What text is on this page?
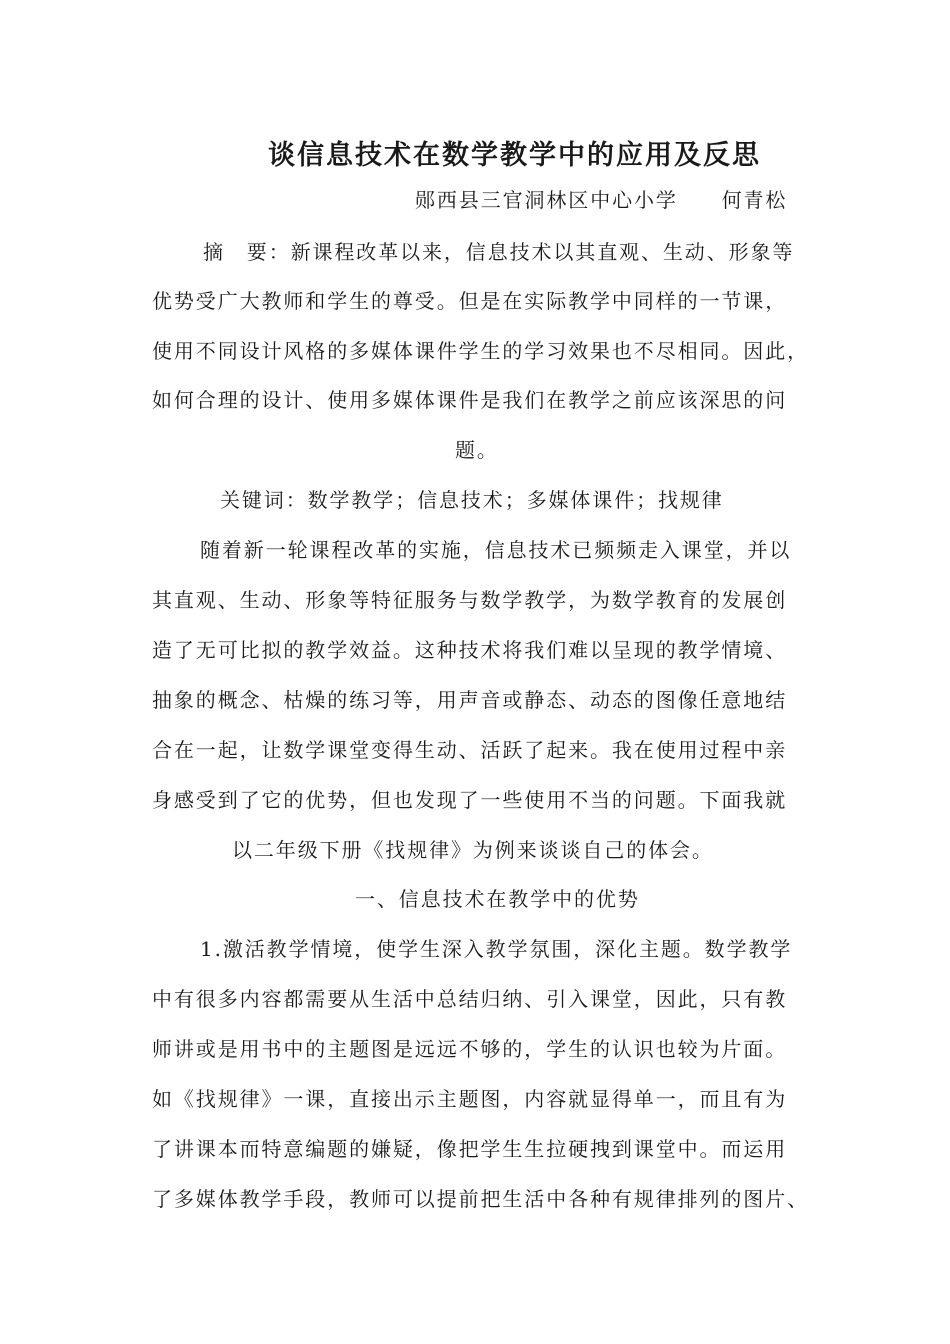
谈信息技术在数学教学中的应用及反思
郧西县三官洞林区中心小学　　何青松
摘　要：新课程改革以来，信息技术以其直观、生动、形象等
优势受广大教师和学生的尊受。但是在实际教学中同样的一节课，
使用不同设计风格的多媒体课件学生的学习效果也不尽相同。因此，
如何合理的设计、使用多媒体课件是我们在教学之前应该深思的问
题。
关键词：数学教学；信息技术；多媒体课件；找规律
随着新一轮课程改革的实施，信息技术已频频走入课堂，并以
其直观、生动、形象等特征服务与数学教学，为数学教育的发展创
造了无可比拟的教学效益。这种技术将我们难以呈现的教学情境、
抽象的概念、枯燥的练习等，用声音或静态、动态的图像任意地结
合在一起，让数学课堂变得生动、活跃了起来。我在使用过程中亲
身感受到了它的优势，但也发现了一些使用不当的问题。下面我就
以二年级下册《找规律》为例来谈谈自己的体会。
一、信息技术在教学中的优势
1.激活教学情境，使学生深入教学氛围，深化主题。数学教学
中有很多内容都需要从生活中总结归纳、引入课堂，因此，只有教
师讲或是用书中的主题图是远远不够的，学生的认识也较为片面。
如《找规律》一课，直接出示主题图，内容就显得单一，而且有为
了讲课本而特意编题的嫌疑，像把学生生拉硬拽到课堂中。而运用
了多媒体教学手段，教师可以提前把生活中各种有规律排列的图片、
